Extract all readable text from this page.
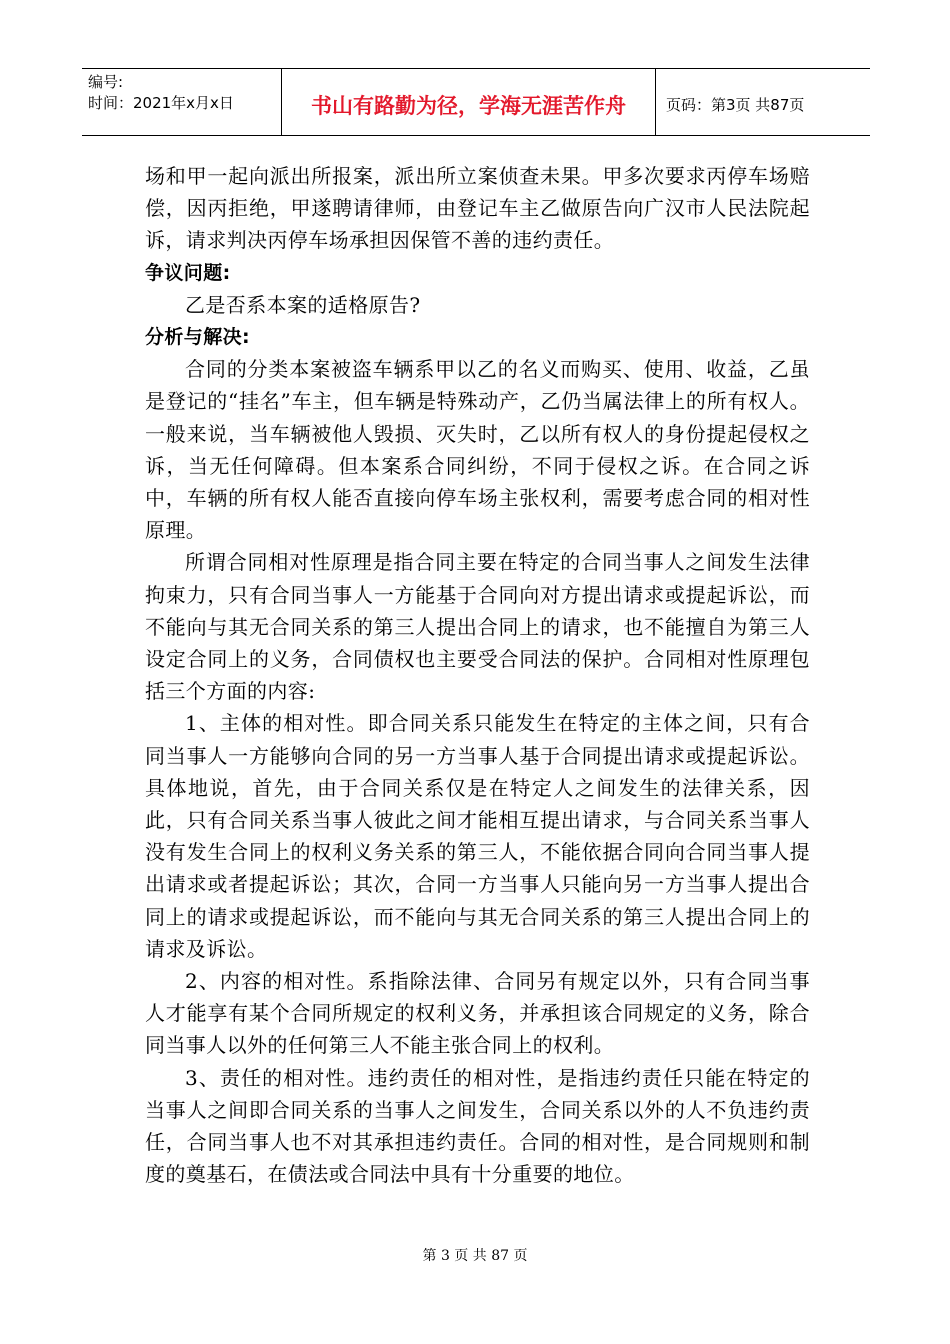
编号:
时间：2021年x月x日	书山有路勤为径，学海无涯苦作舟	页码：第3页 共87页

场和甲一起向派出所报案，派出所立案侦查未果。甲多次要求丙停车场赔偿，因丙拒绝，甲遂聘请律师，由登记车主乙做原告向广汉市人民法院起诉，请求判决丙停车场承担因保管不善的违约责任。

争议问题:

乙是否系本案的适格原告?

分析与解决:

合同的分类本案被盗车辆系甲以乙的名义而购买、使用、收益，乙虽是登记的“挂名”车主，但车辆是特殊动产，乙仍当属法律上的所有权人。一般来说，当车辆被他人毁损、灭失时，乙以所有权人的身份提起侵权之诉，当无任何障碍。但本案系合同纠纷，不同于侵权之诉。在合同之诉中，车辆的所有权人能否直接向停车场主张权利，需要考虑合同的相对性原理。

所谓合同相对性原理是指合同主要在特定的合同当事人之间发生法律拘束力，只有合同当事人一方能基于合同向对方提出请求或提起诉讼，而不能向与其无合同关系的第三人提出合同上的请求，也不能擅自为第三人设定合同上的义务，合同债权也主要受合同法的保护。合同相对性原理包括三个方面的内容:

1、主体的相对性。即合同关系只能发生在特定的主体之间，只有合同当事人一方能够向合同的另一方当事人基于合同提出请求或提起诉讼。具体地说，首先，由于合同关系仅是在特定人之间发生的法律关系，因此，只有合同关系当事人彼此之间才能相互提出请求，与合同关系当事人没有发生合同上的权利义务关系的第三人，不能依据合同向合同当事人提出请求或者提起诉讼；其次，合同一方当事人只能向另一方当事人提出合同上的请求或提起诉讼，而不能向与其无合同关系的第三人提出合同上的请求及诉讼。

2、内容的相对性。系指除法律、合同另有规定以外，只有合同当事人才能享有某个合同所规定的权利义务，并承担该合同规定的义务，除合同当事人以外的任何第三人不能主张合同上的权利。

3、责任的相对性。违约责任的相对性，是指违约责任只能在特定的当事人之间即合同关系的当事人之间发生，合同关系以外的人不负违约责任，合同当事人也不对其承担违约责任。合同的相对性，是合同规则和制度的奠基石，在债法或合同法中具有十分重要的地位。

第 3 页 共 87 页
